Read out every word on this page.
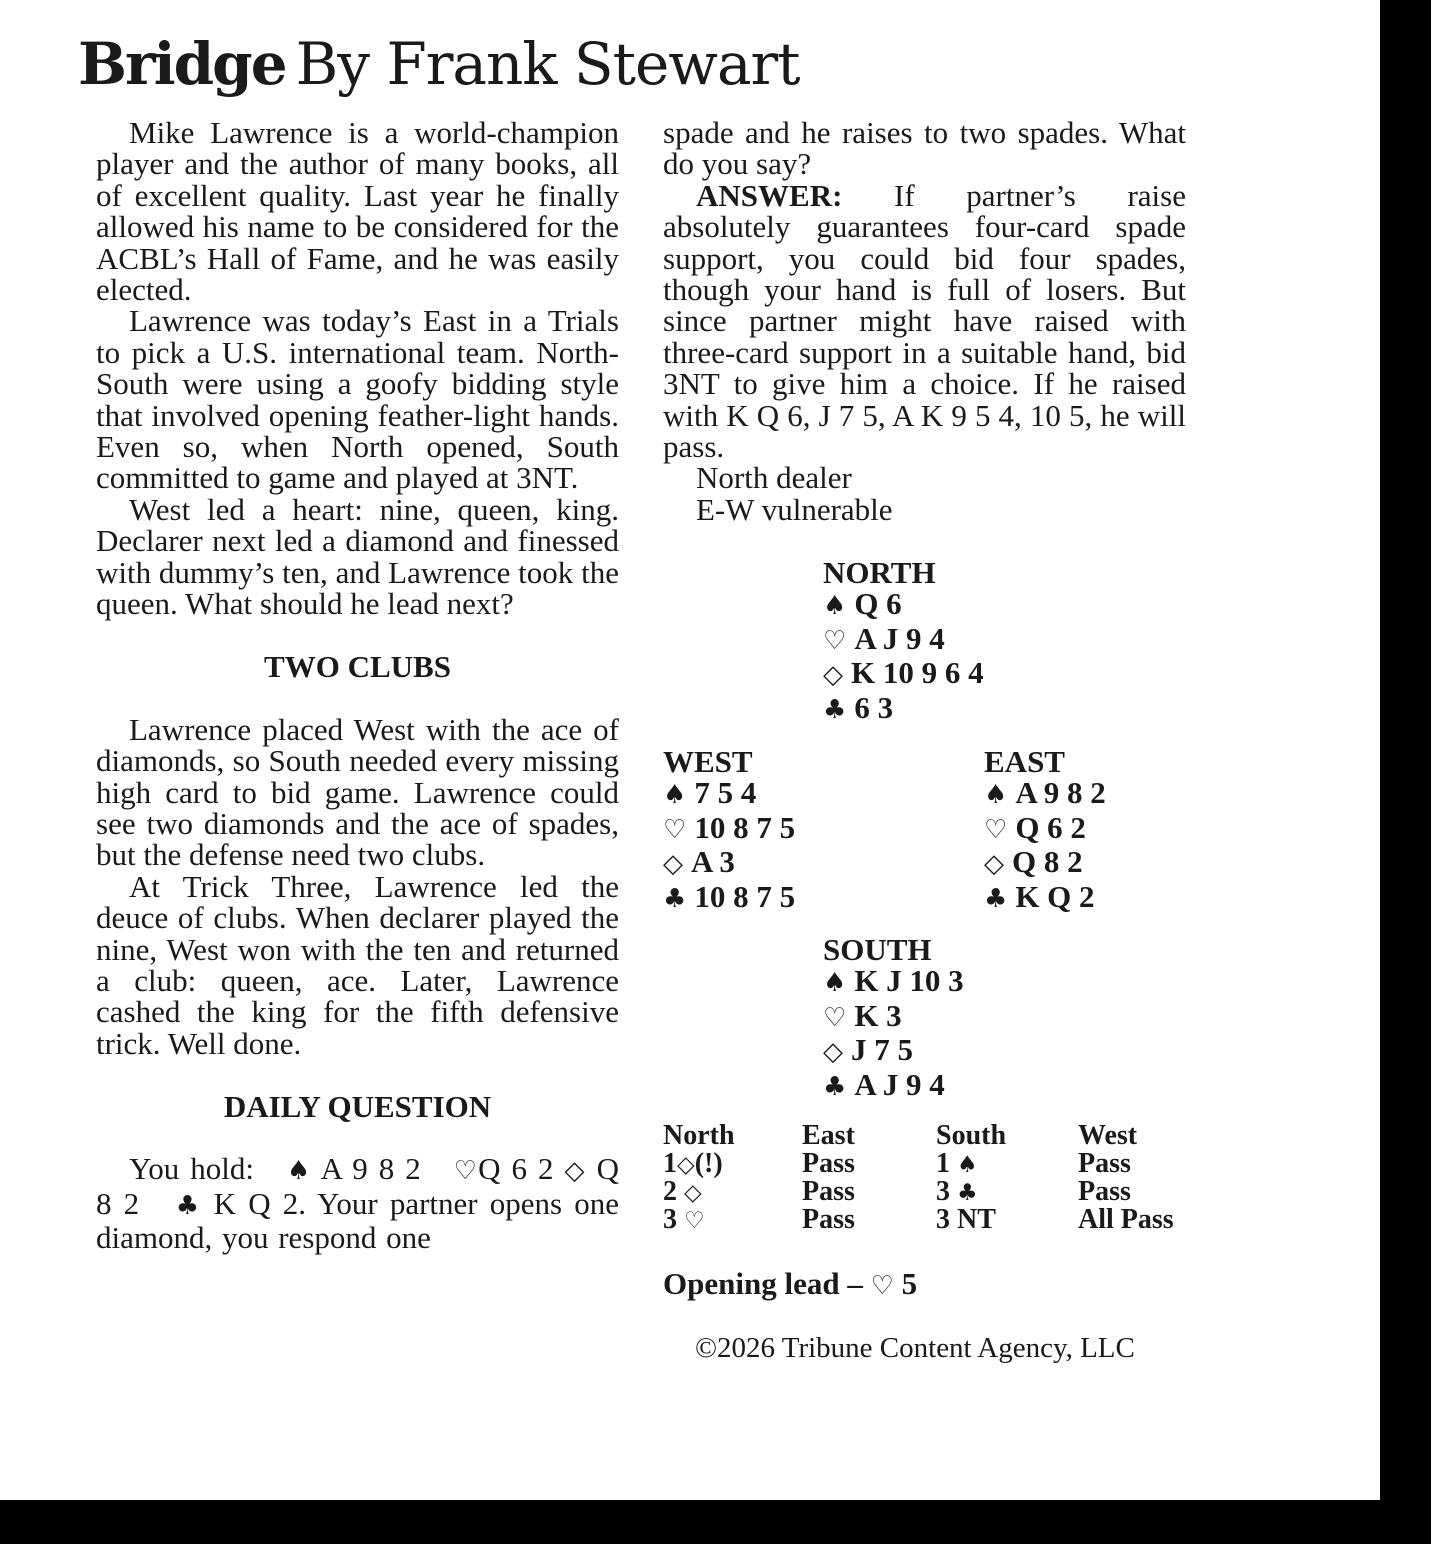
Bridge By Frank Stewart

Mike Lawrence is a world-champion player and the author of many books, all of excellent quality. Last year he finally allowed his name to be considered for the ACBL’s Hall of Fame, and he was easily elected.

Lawrence was today’s East in a Trials to pick a U.S. international team. North-South were using a goofy bidding style that involved opening feather-light hands. Even so, when North opened, South committed to game and played at 3NT.

West led a heart: nine, queen, king. Declarer next led a diamond and finessed with dummy’s ten, and Lawrence took the queen. What should he lead next?

TWO CLUBS

Lawrence placed West with the ace of diamonds, so South needed every missing high card to bid game. Lawrence could see two diamonds and the ace of spades, but the defense need two clubs.

At Trick Three, Lawrence led the deuce of clubs. When declarer played the nine, West won with the ten and returned a club: queen, ace. Later, Lawrence cashed the king for the fifth defensive trick. Well done.

DAILY QUESTION

You hold: ♠ A 9 8 2 ♡Q 6 2 ◇ Q 8 2 ♣ K Q 2. Your partner opens one diamond, you respond one

spade and he raises to two spades. What do you say?

ANSWER: If partner’s raise absolutely guarantees four-card spade support, you could bid four spades, though your hand is full of losers. But since partner might have raised with three-card support in a suitable hand, bid 3NT to give him a choice. If he raised with K Q 6, J 7 5, A K 9 5 4, 10 5, he will pass.

North dealer

E-W vulnerable

NORTH
♠ Q 6
♡ A J 9 4
◇ K 10 9 6 4
♣ 6 3
WEST
♠ 7 5 4
♡ 10 8 7 5
◇ A 3
♣ 10 8 7 5
EAST
♠ A 9 8 2
♡ Q 6 2
◇ Q 8 2
♣ K Q 2
SOUTH
♠ K J 10 3
♡ K 3
◇ J 7 5
♣ A J 9 4
North East	South	West
1◇(!)	Pass	1 ♠	Pass
2 ◇	Pass	3 ♣	Pass
3 ♡	Pass	3 NT	All Pass
Opening lead – ♡ 5
©2026 Tribune Content Agency, LLC
